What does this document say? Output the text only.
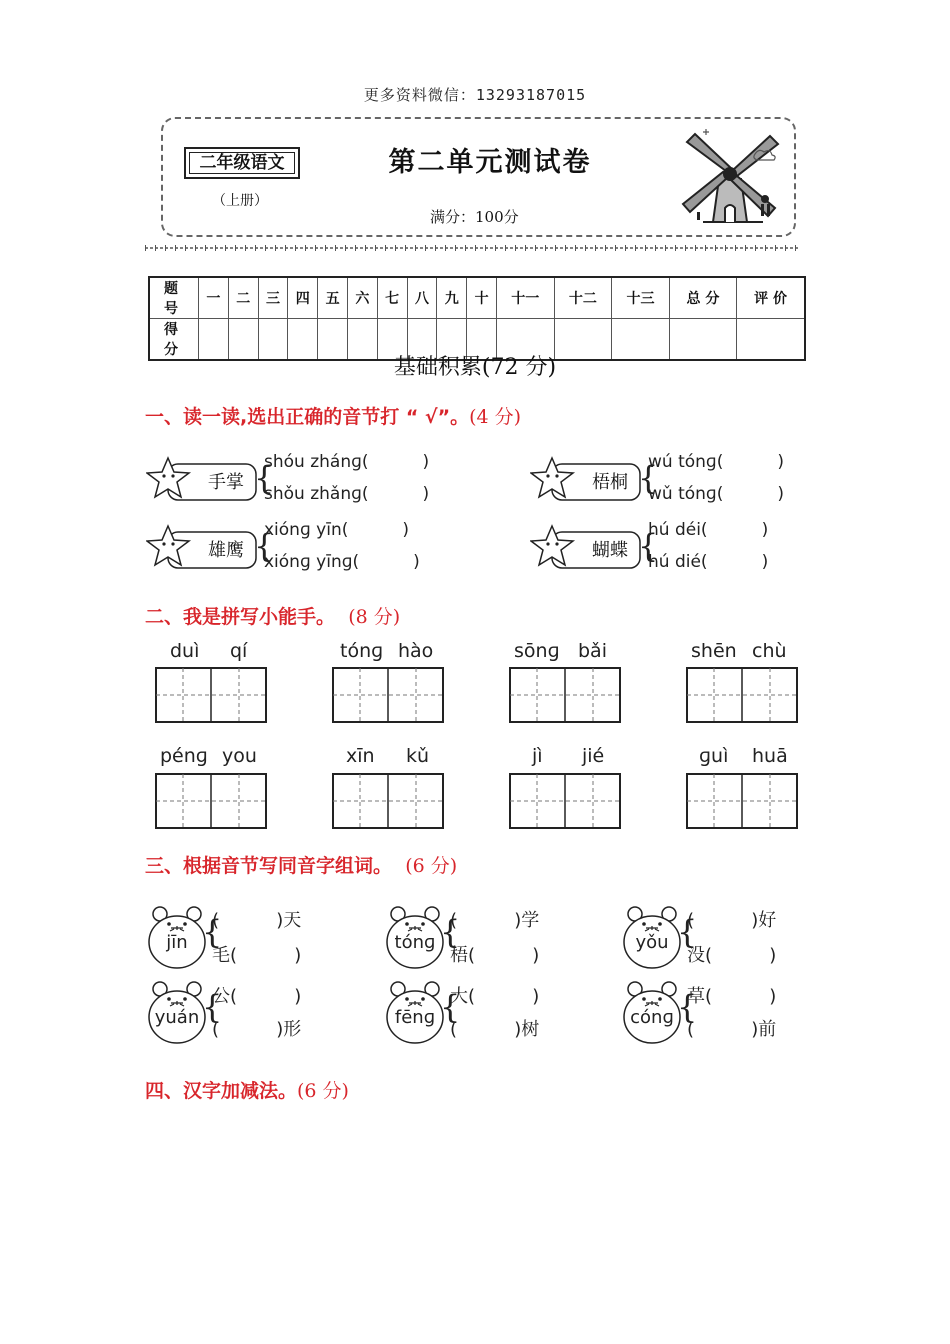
更多资料微信：13293187015
二年级语文
（上册）
第二单元测试卷
满分：100分
题 号	一	二	三	四	五	六	七	八	九	十	十一	十二	十三	总 分	评 价
得 分															
基础积累(72 分)
一、读一读,选出正确的音节打 “ √”。(4 分)
手掌 {
shóu zhánɡ(          )
shǒu zhǎnɡ(          )
梧桐 {
wú tónɡ(          )
wǔ tónɡ(          )
雄鹰 {
xiónɡ yīn(          )
xiónɡ yīnɡ(          )
蝴蝶 {
hú déi(          )
hú dié(          )
二、我是拼写小能手。 (8 分)
duì qí	tónɡ hào	sōnɡ bǎi	shēn chù
pénɡ you	xīn kǔ	jì jié	ɡuì huā
三、根据音节写同音字组词。 (6 分)
jīn {
(          )天
毛(          )
tónɡ {
(          )学
梧(          )
yǒu {
(          )好
没(          )
yuán {
公(          )
(          )形
fēnɡ {
大(          )
(          )树
cónɡ {
草(          )
(          )前
四、汉字加减法。(6 分)
